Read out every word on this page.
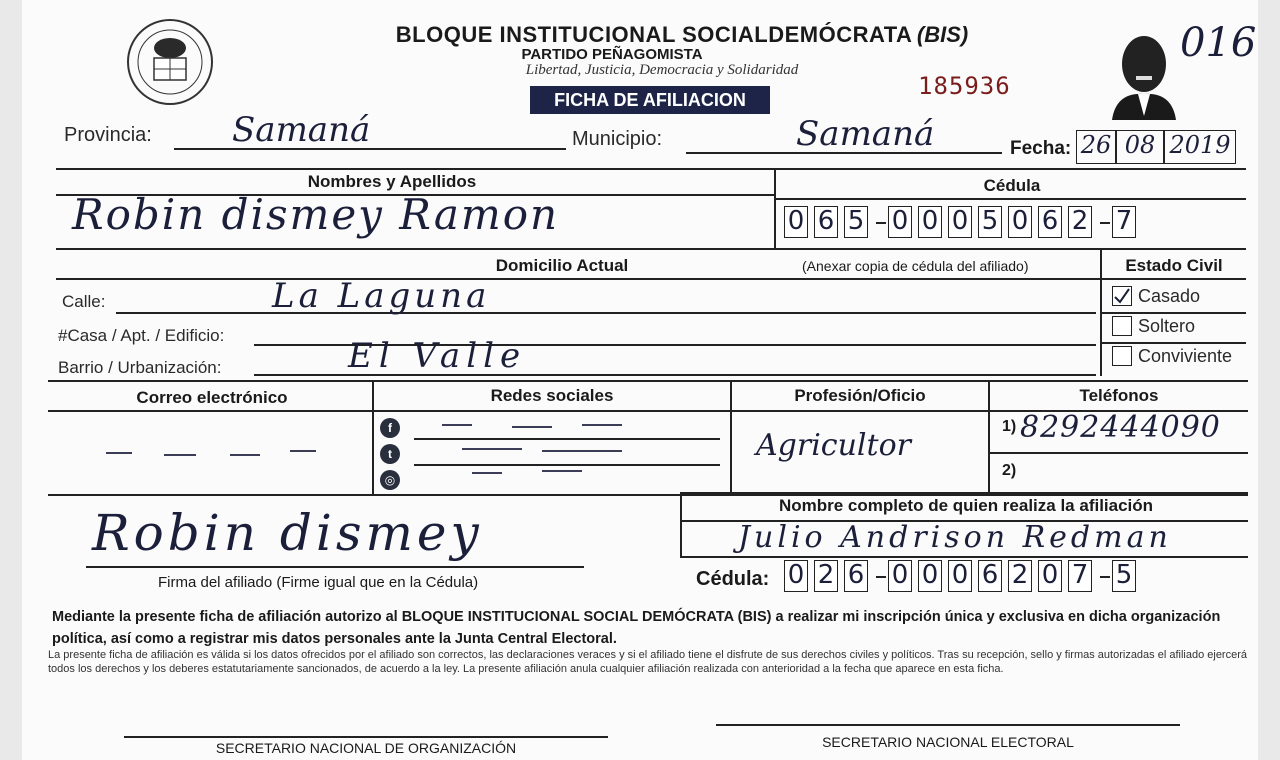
BLOQUE INSTITUCIONAL SOCIALDEMÓCRATA (BIS)
PARTIDO PEÑAGOMISTA
Libertad, Justicia, Democracia y Solidaridad
FICHA DE AFILIACION	185936
016
Provincia: Samaná	Municipio:	Samaná	Fecha: 26 08 2019
Nombres y Apellidos	Cédula
Robin dismey Ramon	0 6 5 0 0 0 5 0 6 2 7
Domicilio Actual	(Anexar copia de cédula del afiliado)	Estado Civil
Calle:	La Laguna
#Casa / Apt. / Edificio:
Barrio / Urbanización:	El Valle
Casado
Soltero
Conviviente
Correo electrónico	Redes sociales	Profesión/Oficio	Teléfonos
f
t
◎
Agricultor
1) 8292444090
2)
Robin dismey
Firma del afiliado (Firme igual que en la Cédula)
Nombre completo de quien realiza la afiliación
Julio Andrison Redman
Cédula: 0 2 6 0 0 0 6 2 0 7 5
Mediante la presente ficha de afiliación autorizo al BLOQUE INSTITUCIONAL SOCIAL DEMÓCRATA (BIS) a realizar mi inscripción única y exclusiva en dicha organización política, así como a registrar mis datos personales ante la Junta Central Electoral.
La presente ficha de afiliación es válida si los datos ofrecidos por el afiliado son correctos, las declaraciones veraces y si el afiliado tiene el disfrute de sus derechos civiles y políticos. Tras su recepción, sello y firmas autorizadas el afiliado ejercerá todos los derechos y los deberes estatutariamente sancionados, de acuerdo a la ley. La presente afiliación anula cualquier afiliación realizada con anterioridad a la fecha que aparece en esta ficha.
SECRETARIO NACIONAL DE ORGANIZACIÓN	SECRETARIO NACIONAL ELECTORAL
